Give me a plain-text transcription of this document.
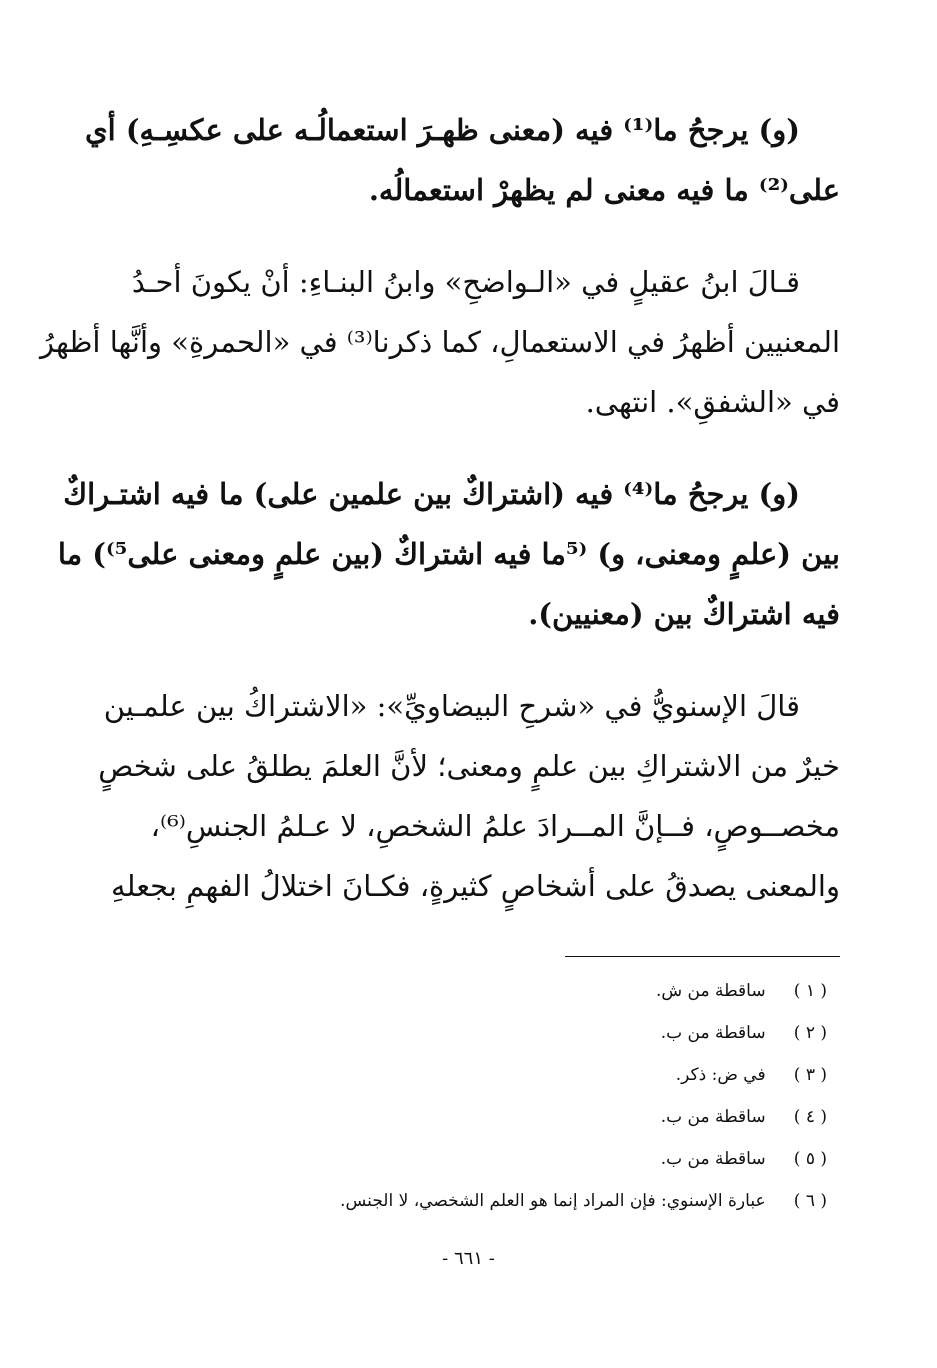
(و) يرجحُ ما⁽¹⁾ فيه (معنى ظهـرَ استعمالُـه على عكسِـهِ) أي
على⁽²⁾ ما فيه معنى لم يظهرْ استعمالُه.
قـالَ ابنُ عقيلٍ في «الـواضحِ» وابنُ البنـاءِ: أنْ يكونَ أحـدُ
المعنيين أظهرُ في الاستعمالِ، كما ذكرنا⁽³⁾ في «الحمرةِ» وأنَّها أظهرُ
في «الشفقِ». انتهى.
(و) يرجحُ ما⁽⁴⁾ فيه (اشتراكٌ بين علمين على) ما فيه اشتـراكٌ
بين (علمٍ ومعنى، و) ⁽⁵ما فيه اشتراكٌ (بين علمٍ ومعنى على⁵⁾) ما
فيه اشتراكٌ بين (معنيين).
قالَ الإسنويُّ في «شرحِ البيضاويِّ»: «الاشتراكُ بين علمـين
خيرٌ من الاشتراكِ بين علمٍ ومعنى؛ لأنَّ العلمَ يطلقُ على شخصٍ
مخصــوصٍ، فــإنَّ المــرادَ علمُ الشخصِ، لا عـلمُ الجنسِ⁽⁶⁾،
والمعنى يصدقُ على أشخاصٍ كثيرةٍ، فكـانَ اختلالُ الفهمِ بجعلهِ
( ١ ) ساقطة من ش.
( ٢ ) ساقطة من ب.
( ٣ ) في ض: ذكر.
( ٤ ) ساقطة من ب.
( ٥ ) ساقطة من ب.
( ٦ ) عبارة الإسنوي: فإن المراد إنما هو العلم الشخصي، لا الجنس.
- ٦٦١ -
